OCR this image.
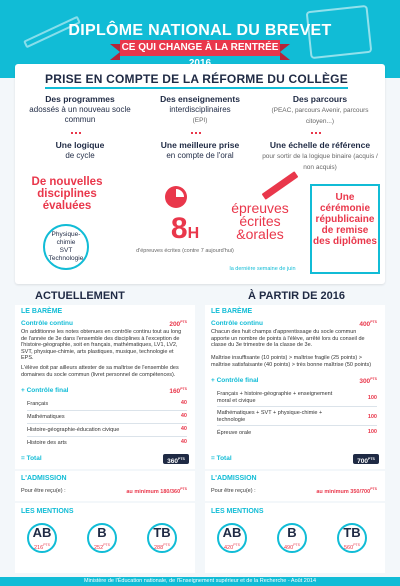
DIPLÔME NATIONAL DU BREVET
CE QUI CHANGE À LA RENTRÉE
PRISE EN COMPTE DE LA RÉFORME DU COLLÈGE
Des programmes
adossés à un nouveau socle commun
Des enseignements
interdisciplinaires
(EPI)
Des parcours
(PEAC, parcours Avenir, parcours citoyen...)
Une logique
de cycle
Une meilleure prise
en compte de l'oral
Une échelle de référence
pour sortir de la logique binaire (acquis / non acquis)
De nouvelles disciplines évaluées
Physique-chimie
SVT
Technologie
8H
d'épreuves écrites (contre 7 aujourd'hui)
épreuves
écrites
&orales
la dernière semaine de juin
Une cérémonie républicaine de remise des diplômes
ACTUELLEMENT	À PARTIR DE 2016
LE BARÈME
Contrôle continu	$200^{PTS}$
On additionne les notes obtenues en contrôle continu tout au long de l'année de 3e dans l'ensemble des disciplines à l'exception de l'histoire-géographie, soit en français, mathématiques, LV1, LV2, SVT, physique-chimie, arts plastiques, musique, technologie et EPS.
L'élève doit par ailleurs attester de sa maîtrise de l'ensemble des domaines du socle commun (livret personnel de compétences).
+ Contrôle final	$160^{PTS}$
Français	40
Mathématiques	40
Histoire-géographie-éducation civique	40
Histoire des arts	40
= Total	$360^{PTS}$
L'ADMISSION
Pour être reçu(e) :	au minimum $180/360^{PTS}$
LES MENTIONS
AB
$216^{PTS}$
B
$252^{PTS}$
TB
$288^{PTS}$
LE BARÈME
Contrôle continu	$400^{PTS}$
Chacun des huit champs d'apprentissage du socle commun apporte un nombre de points à l'élève, arrêté lors du conseil de classe du 3e trimestre de la classe de 3e.
Maîtrise insuffisante (10 points) > maîtrise fragile (25 points) > maîtrise satisfaisante (40 points) > très bonne maîtrise (50 points)
+ Contrôle final	$300^{PTS}$
Français + histoire-géographie + enseignement moral et civique	100
Mathématiques + SVT + physique-chimie + technologie	100
Épreuve orale	100
= Total	$700^{PTS}$
L'ADMISSION
Pour être reçu(e) :	au minimum $350/700^{PTS}$
LES MENTIONS
AB
$420^{PTS}$
B
$490^{PTS}$
TB
$560^{PTS}$
Ministère de l'Éducation nationale, de l'Enseignement supérieur et de la Recherche - Août 2014
